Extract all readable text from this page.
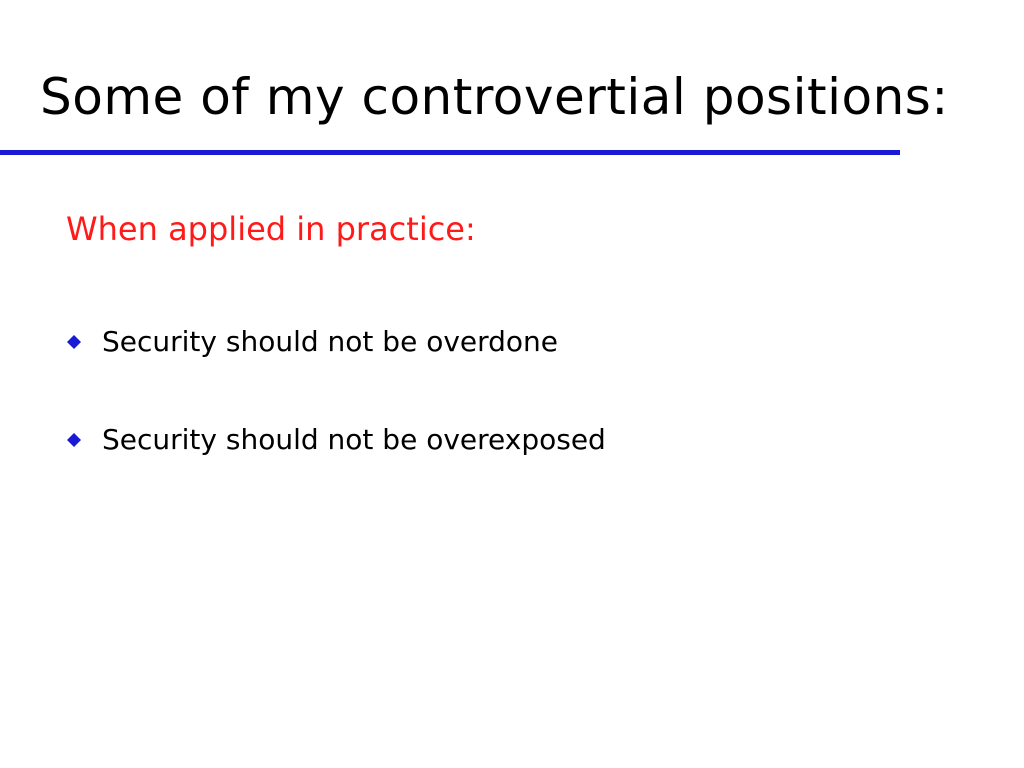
Some of my controvertial positions:
When applied in practice:
Security should not be overdone
Security should not be overexposed
